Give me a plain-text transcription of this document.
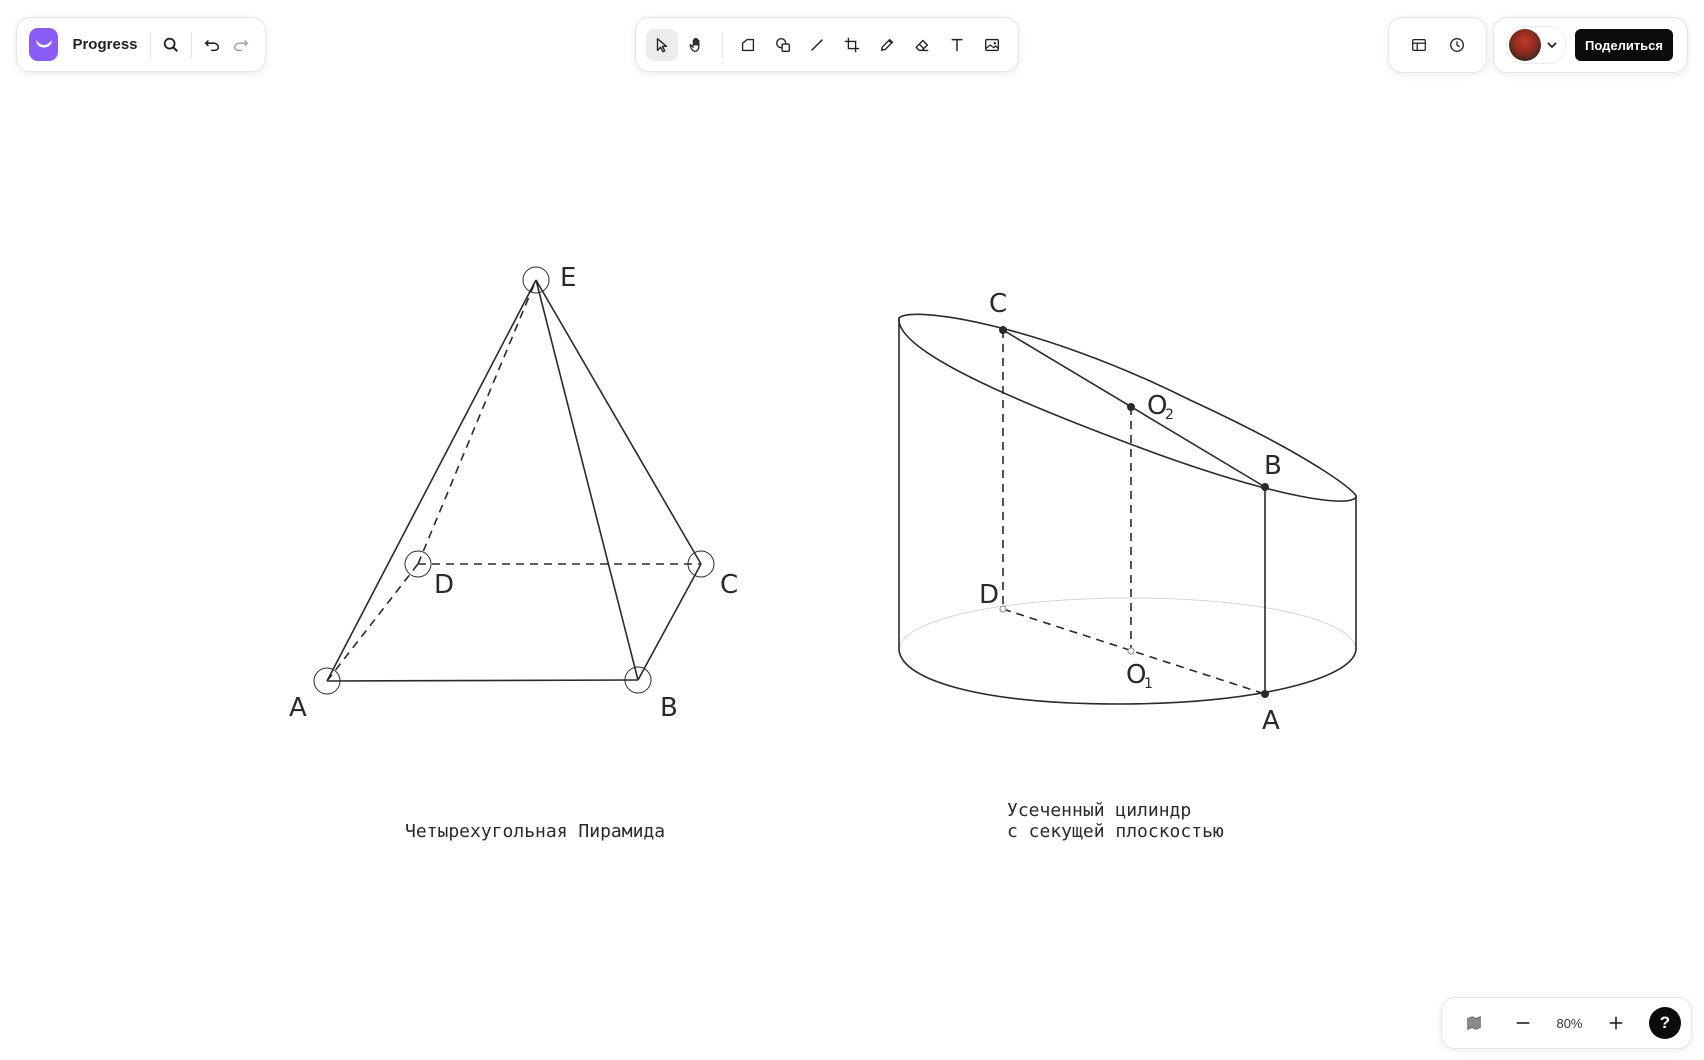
A	B
C
D
E
Четырехугольная Пирамида
C
B
A
D
O
2
O
1
Усеченный цилиндр
с секущей плоскостью
Progress	Поделиться
80%	?
